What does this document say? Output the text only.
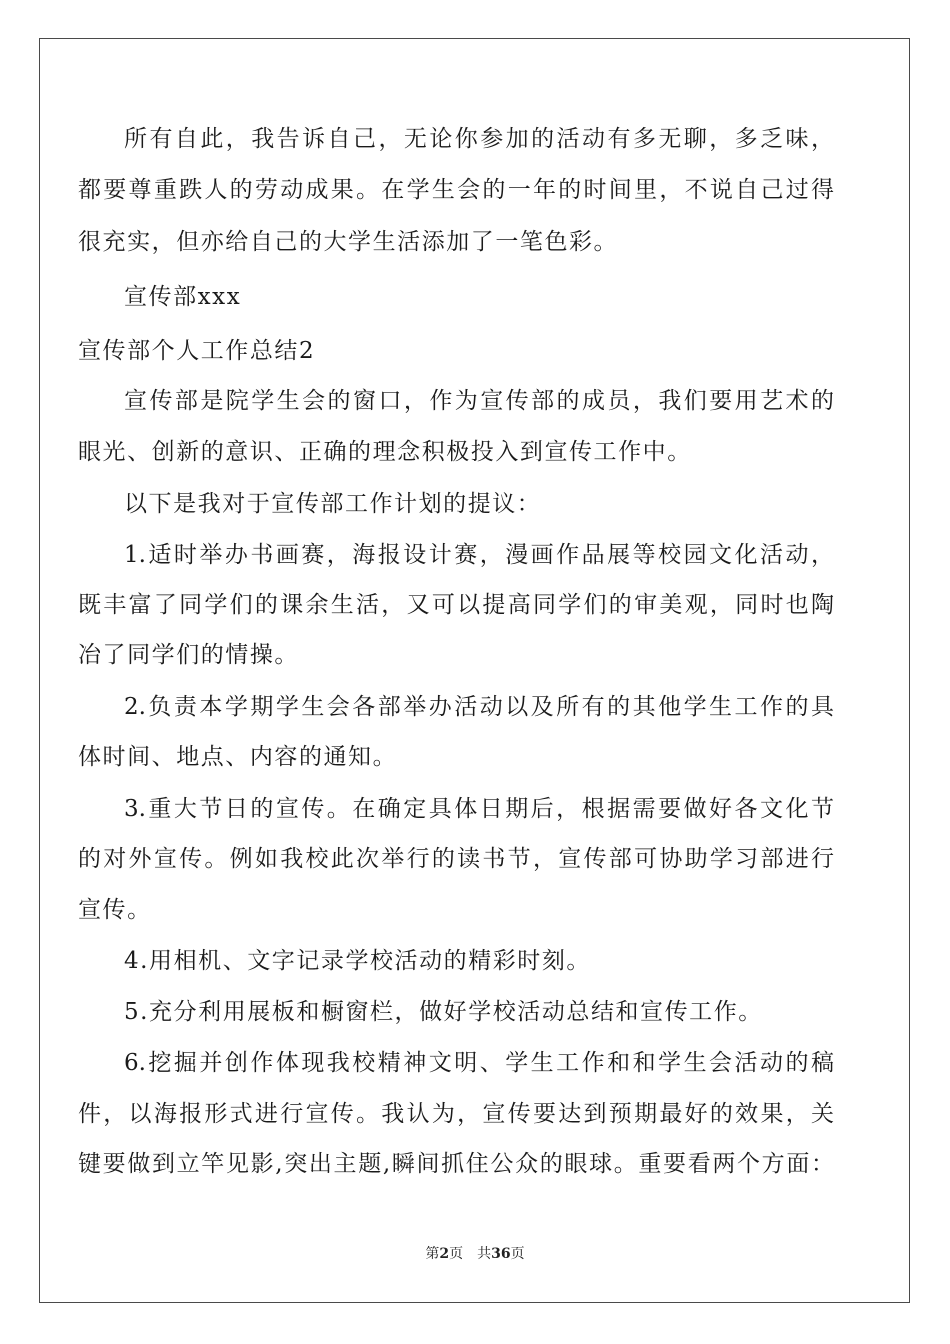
所有自此，我告诉自己，无论你参加的活动有多无聊，多乏味，
都要尊重跌人的劳动成果。在学生会的一年的时间里，不说自己过得
很充实，但亦给自己的大学生活添加了一笔色彩。
宣传部xxx
宣传部个人工作总结2
宣传部是院学生会的窗口，作为宣传部的成员，我们要用艺术的
眼光、创新的意识、正确的理念积极投入到宣传工作中。
以下是我对于宣传部工作计划的提议：
1.适时举办书画赛，海报设计赛，漫画作品展等校园文化活动，
既丰富了同学们的课余生活，又可以提高同学们的审美观，同时也陶
冶了同学们的情操。
2.负责本学期学生会各部举办活动以及所有的其他学生工作的具
体时间、地点、内容的通知。
3.重大节日的宣传。在确定具体日期后，根据需要做好各文化节
的对外宣传。例如我校此次举行的读书节，宣传部可协助学习部进行
宣传。
4.用相机、文字记录学校活动的精彩时刻。
5.充分利用展板和橱窗栏，做好学校活动总结和宣传工作。
6.挖掘并创作体现我校精神文明、学生工作和和学生会活动的稿
件，以海报形式进行宣传。我认为，宣传要达到预期最好的效果，关
键要做到立竿见影,突出主题,瞬间抓住公众的眼球。重要看两个方面：
第2页 共36页
